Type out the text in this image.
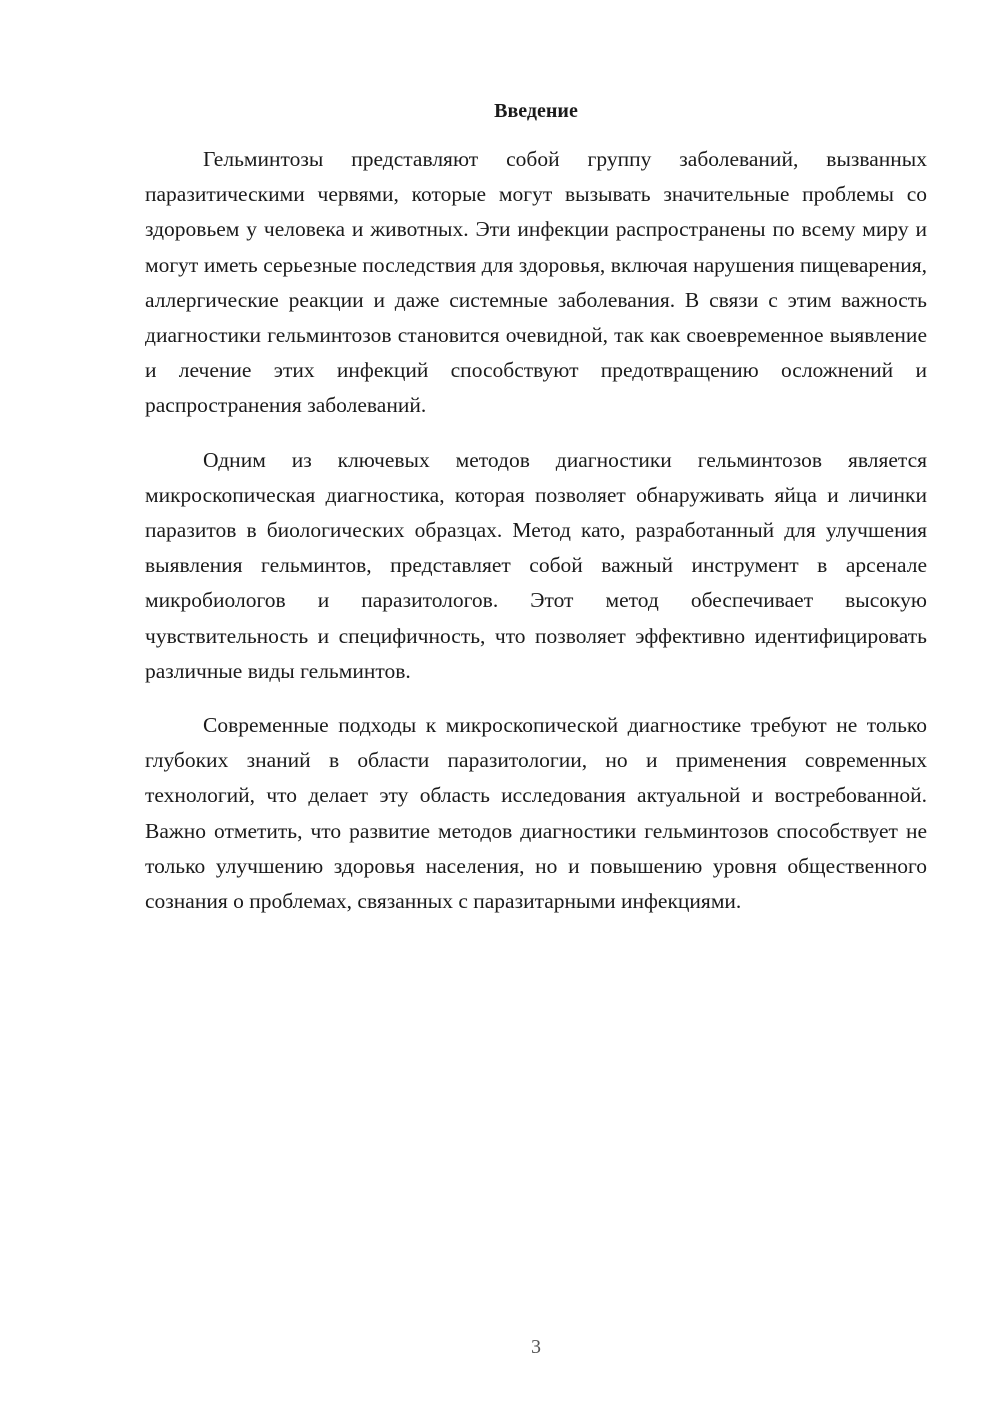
Введение

Гельминтозы представляют собой группу заболеваний, вызванных паразитическими червями, которые могут вызывать значительные проблемы со здоровьем у человека и животных. Эти инфекции распространены по всему миру и могут иметь серьезные последствия для здоровья, включая нарушения пищеварения, аллергические реакции и даже системные заболевания. В связи с этим важность диагностики гельминтозов становится очевидной, так как своевременное выявление и лечение этих инфекций способствуют предотвращению осложнений и распространения заболеваний.

Одним из ключевых методов диагностики гельминтозов является микроскопическая диагностика, которая позволяет обнаруживать яйца и личинки паразитов в биологических образцах. Метод като, разработанный для улучшения выявления гельминтов, представляет собой важный инструмент в арсенале микробиологов и паразитологов. Этот метод обеспечивает высокую чувствительность и специфичность, что позволяет эффективно идентифицировать различные виды гельминтов.

Современные подходы к микроскопической диагностике требуют не только глубоких знаний в области паразитологии, но и применения современных технологий, что делает эту область исследования актуальной и востребованной. Важно отметить, что развитие методов диагностики гельминтозов способствует не только улучшению здоровья населения, но и повышению уровня общественного сознания о проблемах, связанных с паразитарными инфекциями.

3
